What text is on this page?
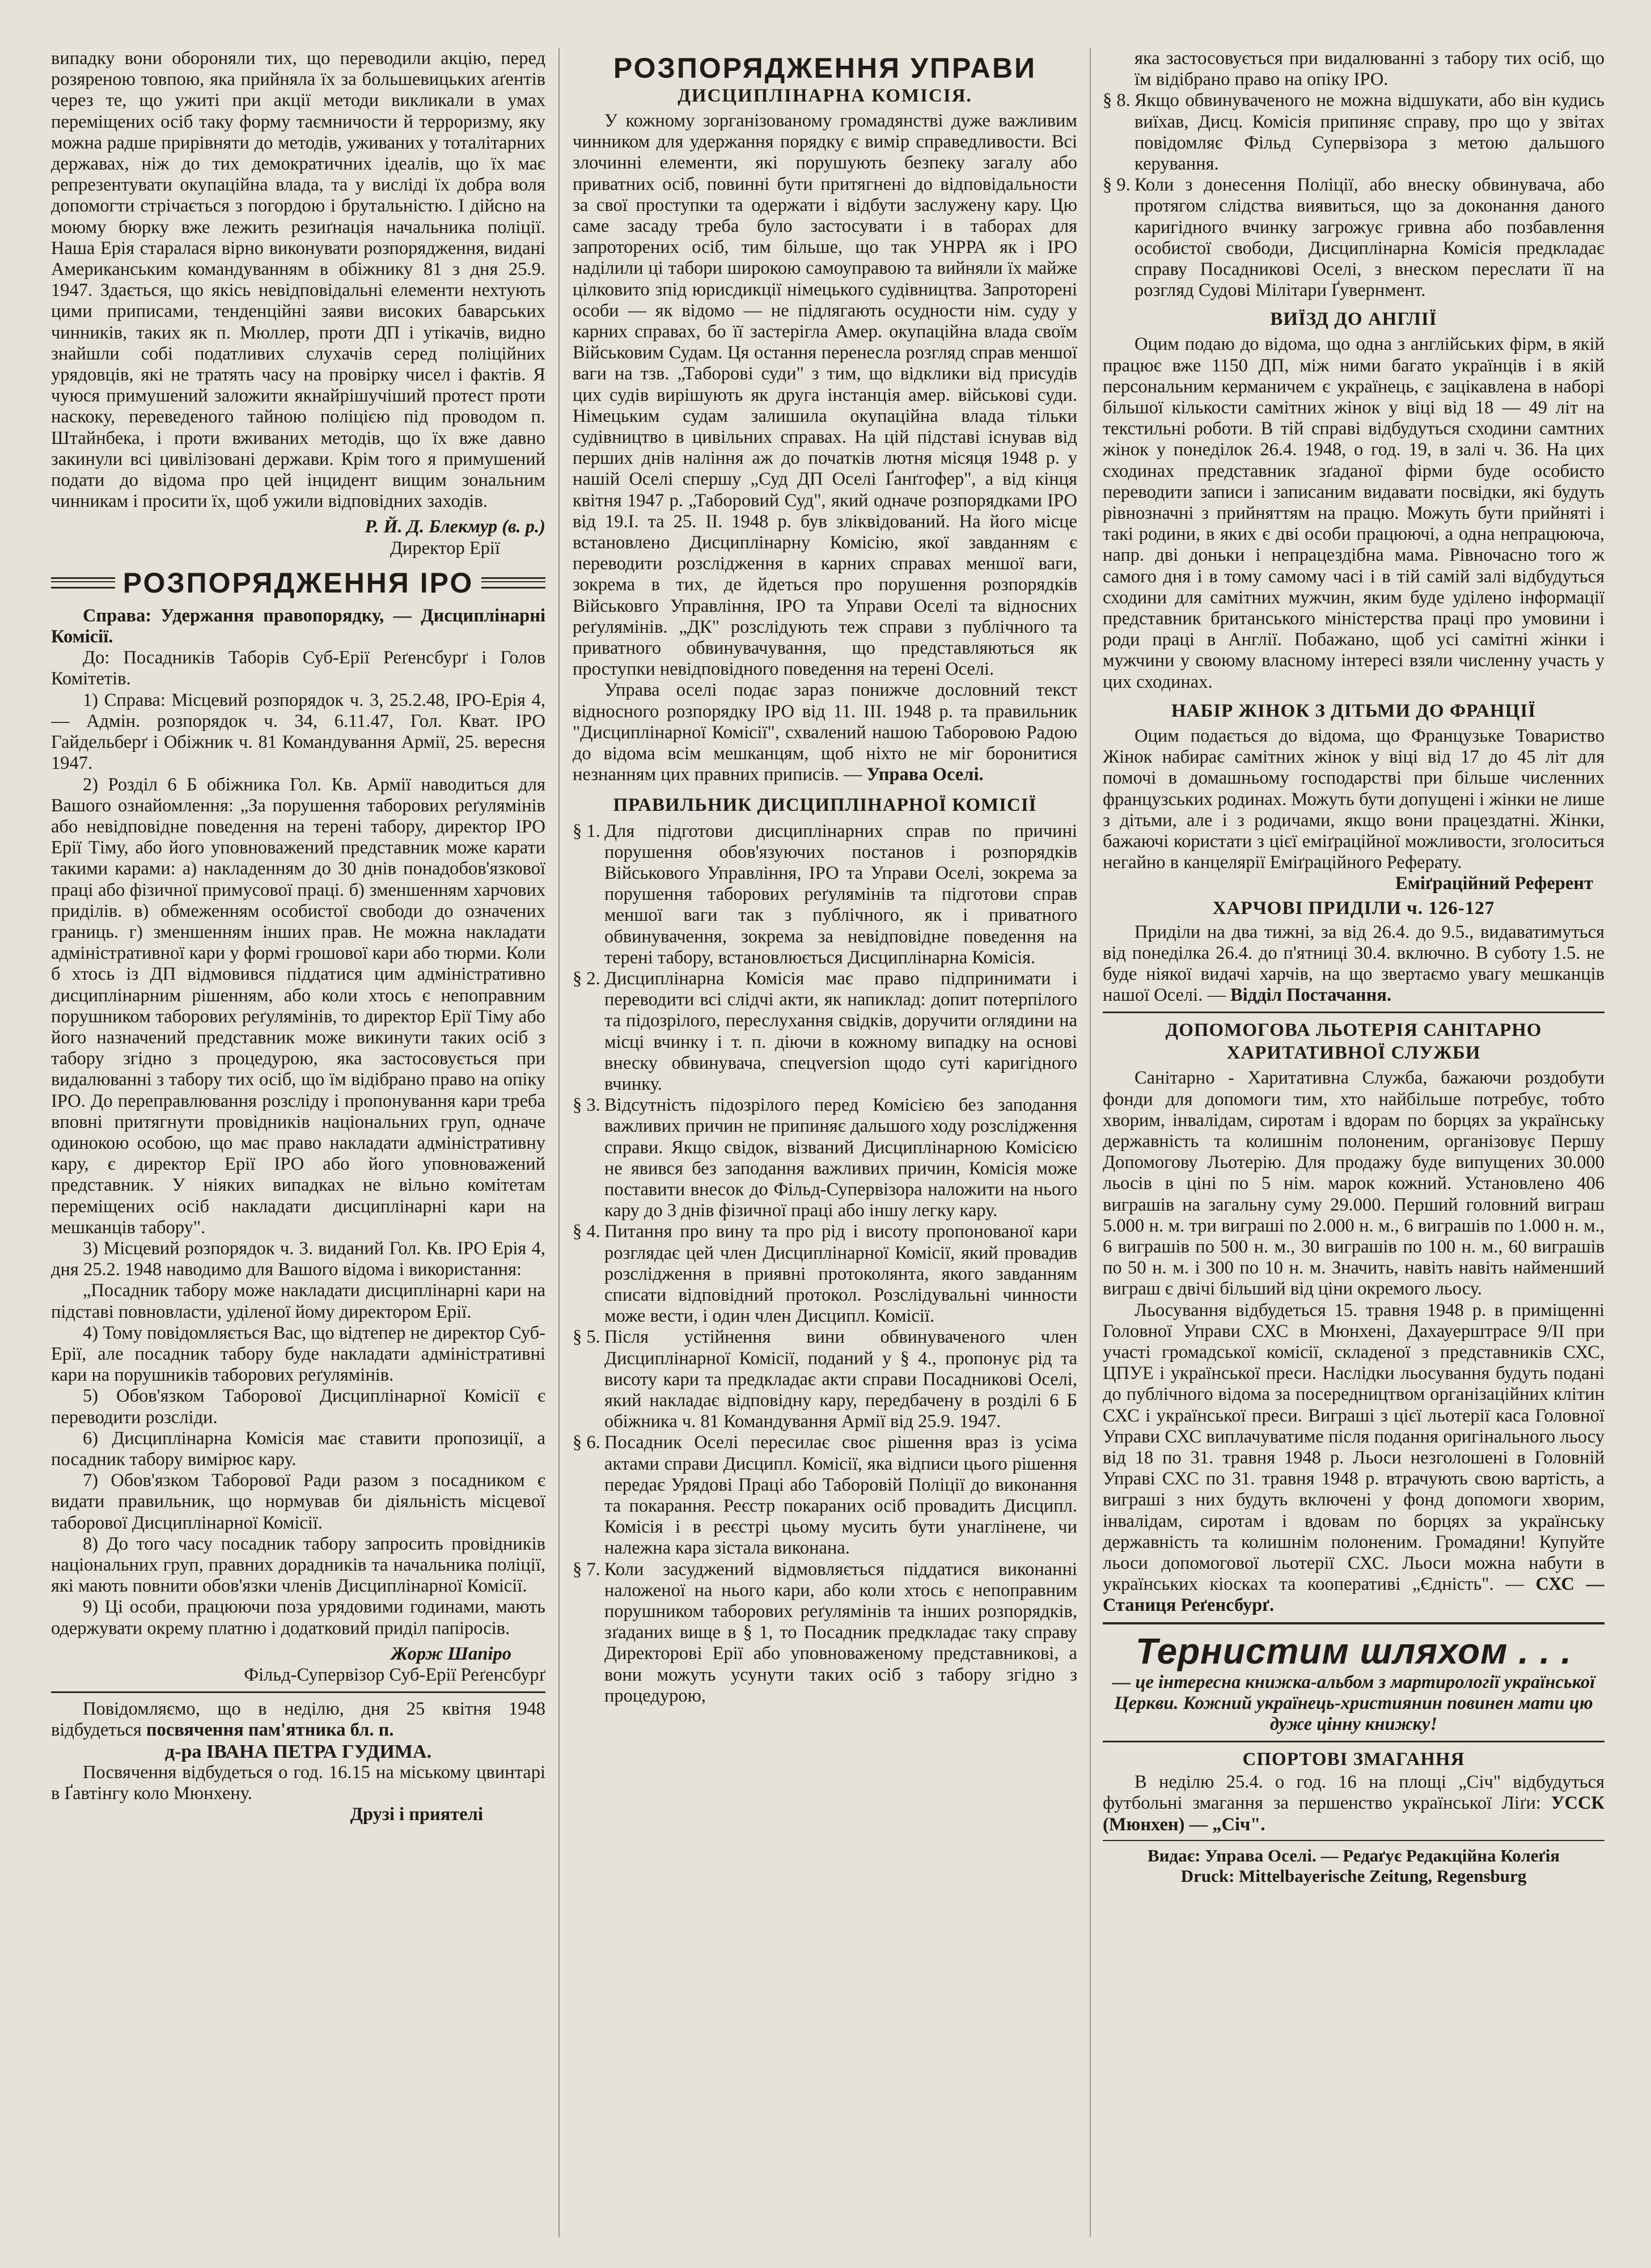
випадку вони обороняли тих, що переводили акцію, перед розяреною товпою, яка прийняла їх за большевицьких аґентів через те, що ужиті при акції методи викликали в умах переміщених осіб таку форму таємничости й терроризму, яку можна радше прирівняти до методів, уживаних у тоталітарних державах, ніж до тих демократичних ідеалів, що їх має репрезентувати окупаційна влада, та у висліді їх добра воля допомогти стрічається з погордою і брутальністю. І дійсно на моюму бюрку вже лежить резиґнація начальника поліції. Наша Ерія старалася вірно виконувати розпорядження, видані Американським командуванням в обіжнику 81 з дня 25.9. 1947. Здається, що якісь невідповідальні елементи нехтують цими приписами, тенденційні заяви високих баварських чинників, таких як п. Мюллер, проти ДП і утікачів, видно знайшли собі податливих слухачів серед поліційних урядовців, які не тратять часу на провірку чисел і фактів. Я чуюся примушений заложити якнайрішучіший протест проти наскоку, переведеного тайною поліцією під проводом п. Штайнбека, і проти вживаних методів, що їх вже давно закинули всі цивілізовані держави. Крім того я примушений подати до відома про цей інцидент вищим зональним чинникам і просити їх, щоб ужили відповідних заходів.

Р. Й. Д. Блекмур (в. р.)

Директор Ерії

РОЗПОРЯДЖЕННЯ ІРО

Справа: Удержання правопорядку, — Дисциплінарні Комісії.

До: Посадників Таборів Суб-Ерії Реґенсбурґ і Голов Комітетів.

1) Справа: Місцевий розпорядок ч. 3, 25.2.48, ІРО-Ерія 4, — Адмін. розпорядок ч. 34, 6.11.47, Гол. Кват. ІРО Гайдельберґ і Обіжник ч. 81 Командування Армії, 25. вересня 1947.

2) Розділ 6 Б обіжника Гол. Кв. Армії наводиться для Вашого ознайомлення: „За порушення таборових реґулямінів або невідповідне поведення на терені табору, директор ІРО Ерії Тіму, або його уповноважений представник може карати такими карами: а) накладенням до 30 днів понадобов'язкової праці або фізичної примусової праці. б) зменшенням харчових приділів. в) обмеженням особистої свободи до означених границь. г) зменшенням інших прав. Не можна накладати адміністративної кари у формі грошової кари або тюрми. Коли б хтось із ДП відмовився піддатися цим адміністративно дисциплінарним рішенням, або коли хтось є непоправним порушником таборових реґулямінів, то директор Ерії Тіму або його назначений представник може викинути таких осіб з табору згідно з процедурою, яка застосовується при видалюванні з табору тих осіб, що їм відібрано право на опіку ІРО. До переправлювання розсліду і пропонування кари треба вповні притягнути провідників національних груп, одначе одинокою особою, що має право накладати адміністративну кару, є директор Ерії ІРО або його уповноважений представник. У ніяких випадках не вільно комітетам переміщених осіб накладати дисциплінарні кари на мешканців табору".

3) Місцевий розпорядок ч. 3. виданий Гол. Кв. ІРО Ерія 4, дня 25.2. 1948 наводимо для Вашого відома і використання:

„Посадник табору може накладати дисциплінарні кари на підставі повновласти, уділеної йому директором Ерії.

4) Тому повідомляється Вас, що відтепер не директор Суб-Ерії, але посадник табору буде накладати адміністративні кари на порушників таборових реґулямінів.

5) Обов'язком Таборової Дисциплінарної Комісії є переводити розсліди.

6) Дисциплінарна Комісія має ставити пропозиції, а посадник табору вимірює кару.

7) Обов'язком Таборової Ради разом з посадником є видати правильник, що нормував би діяльність місцевої таборової Дисциплінарної Комісії.

8) До того часу посадник табору запросить провідників національних груп, правних дорадників та начальника поліції, які мають повнити обов'язки членів Дисциплінарної Комісії.

9) Ці особи, працюючи поза урядовими годинами, мають одержувати окрему платню і додатковий приділ папіросів.

Жорж Шапіро

Фільд-Супервізор Суб-Ерії Реґенсбурґ

Повідомляємо, що в неділю, дня 25 квітня 1948 відбудеться посвячення пам'ятника бл. п.

д-ра ІВАНА ПЕТРА ГУДИМА.

Посвячення відбудеться о год. 16.15 на міському цвинтарі в Ґавтінгу коло Мюнхену.

Друзі і приятелі

РОЗПОРЯДЖЕННЯ УПРАВИ
ДИСЦИПЛІНАРНА КОМІСІЯ.

У кожному зорганізованому громадянстві дуже важливим чинником для удержання порядку є вимір справедливости. Всі злочинні елементи, які порушують безпеку загалу або приватних осіб, повинні бути притягнені до відповідальности за свої проступки та одержати і відбути заслужену кару. Цю саме засаду треба було застосувати і в таборах для запроторених осіб, тим більше, що так УНРРА як і ІРО наділили ці табори широкою самоуправою та вийняли їх майже цілковито зпід юрисдикції німецького судівництва. Запроторені особи — як відомо — не підлягають осудности нім. суду у карних справах, бо її застерігла Амер. окупаційна влада своїм Військовим Судам. Ця остання перенесла розгляд справ меншої ваги на тзв. „Таборові суди" з тим, що відклики від присудів цих судів вирішують як друга інстанція амер. військові суди. Німецьким судам залишила окупаційна влада тільки судівництво в цивільних справах. На цій підставі існував від перших днів наління аж до початків лютня місяця 1948 р. у нашій Оселі спершу „Суд ДП Оселі Ґанґгофер", а від кінця квітня 1947 р. „Таборовий Суд", який одначе розпорядками ІРО від 19.І. та 25. ІІ. 1948 р. був зліквідований. На його місце встановлено Дисциплінарну Комісію, якої завданням є переводити розслідження в карних справах меншої ваги, зокрема в тих, де йдеться про порушення розпорядків Військовго Управління, ІРО та Управи Оселі та відносних реґулямінів. „ДК" розслідують теж справи з публічного та приватного обвинувачування, що представляються як проступки невідповідного поведення на терені Оселі.

Управа оселі подає зараз понижче дословний текст відносного розпорядку ІРО від 11. ІІІ. 1948 р. та правильник "Дисциплінарної Комісії", схвалений нашою Таборовою Радою до відома всім мешканцям, щоб ніхто не міг боронитися незнанням цих правних приписів. — Управа Оселі.

ПРАВИЛЬНИК ДИСЦИПЛІНАРНОЇ КОМІСІЇ

§ 1. Для підготови дисциплінарних справ по причині порушення обов'язуючих постанов і розпорядків Військового Управління, ІРО та Управи Оселі, зокрема за порушення таборових реґулямінів та підготови справ меншої ваги так з публічного, як і приватного обвинувачення, зокрема за невідповідне поведення на терені табору, встановлюється Дисциплінарна Комісія.

§ 2. Дисциплінарна Комісія має право підпринимати і переводити всі слідчі акти, як напиклад: допит потерпілого та підозрілого, переслухання свідків, доручити оглядини на місці вчинку і т. п. діючи в кожному випадку на основі внеску обвинувача, спецversion щодо суті каригідного вчинку.

§ 3. Відсутність підозрілого перед Комісією без заподання важливих причин не припиняє дальшого ходу розслідження справи. Якщо свідок, візваний Дисциплінарною Комісією не явився без заподання важливих причин, Комісія може поставити внесок до Фільд-Супервізора наложити на нього кару до 3 днів фізичної праці або іншу легку кару.

§ 4. Питання про вину та про рід і висоту пропонованої кари розглядає цей член Дисциплінарної Комісії, який провадив розслідження в приявні протоколянта, якого завданням списати відповідний протокол. Розслідувальні чинности може вести, і один член Дисципл. Комісії.

§ 5. Після устійнення вини обвинуваченого член Дисциплінарної Комісії, поданий у § 4., пропонує рід та висоту кари та предкладає акти справи Посадникові Оселі, який накладає відповідну кару, передбачену в розділі 6 Б обіжника ч. 81 Командування Армії від 25.9. 1947.

§ 6. Посадник Оселі пересилає своє рішення враз із усіма актами справи Дисципл. Комісії, яка відписи цього рішення передає Урядові Праці або Таборовій Поліції до виконання та покарання. Реєстр покараних осіб провадить Дисципл. Комісія і в реєстрі цьому мусить бути унаглінене, чи належна кара зістала виконана.

§ 7. Коли засуджений відмовляється піддатися виконанні наложеної на нього кари, або коли хтось є непоправним порушником таборових реґулямінів та інших розпорядків, зґаданих вище в § 1, то Посадник предкладає таку справу Директорові Ерії або уповноваженому представникові, а вони можуть усунути таких осіб з табору згідно з процедурою,

яка застосовується при видалюванні з табору тих осіб, що їм відібрано право на опіку ІРО.

§ 8. Якщо обвинуваченого не можна відшукати, або він кудись виїхав, Дисц. Комісія припиняє справу, про що у звітах повідомляє Фільд Супервізора з метою дальшого керування.

§ 9. Коли з донесення Поліції, або внеску обвинувача, або протягом слідства виявиться, що за доконання даного каригідного вчинку загрожує гривна або позбавлення особистої свободи, Дисциплінарна Комісія предкладає справу Посадникові Оселі, з внеском переслати її на розгляд Судові Мілітари Ґувернмент.

ВИЇЗД ДО АНГЛІЇ

Оцим подаю до відома, що одна з англійських фірм, в якій працює вже 1150 ДП, між ними багато українців і в якій персональним керманичем є українець, є зацікавлена в наборі більшої кількости самітних жінок у віці від 18 — 49 літ на текстильні роботи. В тій справі відбудуться сходини самтних жінок у понеділок 26.4. 1948, о год. 19, в залі ч. 36. На цих сходинах представник зґаданої фірми буде особисто переводити записи і записаним видавати посвідки, які будуть рівнозначні з прийняттям на працю. Можуть бути прийняті і такі родини, в яких є дві особи працюючі, а одна непрацююча, напр. дві доньки і непрацездібна мама. Рівночасно того ж самого дня і в тому самому часі і в тій самій залі відбудуться сходини для самітних мужчин, яким буде уділено інформації представник британського міністерства праці про умовини і роди праці в Англії. Побажано, щоб усі самітні жінки і мужчини у своюму власному інтересі взяли численну участь у цих сходинах.

НАБІР ЖІНОК З ДІТЬМИ ДО ФРАНЦІЇ

Оцим подається до відома, що Французьке Товариство Жінок набирає самітних жінок у віці від 17 до 45 літ для помочі в домашньому господарстві при більше численних французських родинах. Можуть бути допущені і жінки не лише з дітьми, але і з родичами, якщо вони працездатні. Жінки, бажаючі користати з цієї еміґраційної можливости, зголоситься негайно в канцелярії Еміґраційного Реферату.

Еміґраційний Референт

ХАРЧОВІ ПРИДІЛИ ч. 126-127

Приділи на два тижні, за від 26.4. до 9.5., видаватимуться від понеділка 26.4. до п'ятниці 30.4. включно. В суботу 1.5. не буде ніякої видачі харчів, на що звертаємо увагу мешканців нашої Оселі. — Відділ Постачання.

ДОПОМОГОВА ЛЬОТЕРІЯ САНІТАРНО ХАРИТАТИВНОЇ СЛУЖБИ

Санітарно - Харитативна Служба, бажаючи роздобути фонди для допомоги тим, хто найбільше потребує, тобто хворим, інвалідам, сиротам і вдорам по борцях за українську державність та колишнім полоненим, організовує Першу Допомогову Льотерію. Для продажу буде випущених 30.000 льосів в ціні по 5 нім. марок кожний. Установлено 406 виграшів на загальну суму 29.000. Перший головний виграш 5.000 н. м. три виграші по 2.000 н. м., 6 виграшів по 1.000 н. м., 6 виграшів по 500 н. м., 30 виграшів по 100 н. м., 60 виграшів по 50 н. м. і 300 по 10 н. м. Значить, навіть навіть найменший виграш є двічі більший від ціни окремого льосу.

Льосування відбудеться 15. травня 1948 р. в приміщенні Головної Управи СХС в Мюнхені, Дахауерштрасе 9/ІІ при участі громадської комісії, складеної з представників СХС, ЦПУЕ і української преси. Наслідки льосування будуть подані до публічного відома за посередництвом організаційних клітин СХС і української преси. Виграші з цієї льотерії каса Головної Управи СХС виплачуватиме після подання оригінального льосу від 18 по 31. травня 1948 р. Льоси незголошені в Головній Управі СХС по 31. травня 1948 р. втрачують свою вартість, а виграші з них будуть включені у фонд допомоги хворим, інвалідам, сиротам і вдовам по борцях за українську державність та колишнім полоненим. Громадяни! Купуйте льоси допомогової льотерії СХС. Льоси можна набути в українських кіосках та кооперативі „Єдність". — СХС — Станиця Реґенсбурґ.

Тернистим шляхом . . .

— це інтересна книжка-альбом з мартирології української Церкви. Кожний українець-християнин повинен мати цю дуже цінну книжку!

СПОРТОВІ ЗМАГАННЯ

В неділю 25.4. о год. 16 на площі „Січ" відбудуться футбольні змагання за першенство української Ліґи: УССК (Мюнхен) — „Січ".

Видає: Управа Оселі. — Редаґує Редакційна Колеґія

Druck: Mittelbayerische Zeitung, Regensburg
